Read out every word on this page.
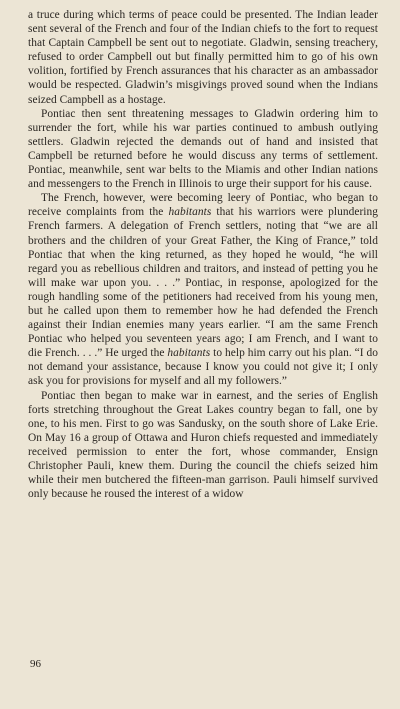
a truce during which terms of peace could be presented. The Indian leader sent several of the French and four of the Indian chiefs to the fort to request that Captain Campbell be sent out to negotiate. Gladwin, sensing treachery, refused to order Campbell out but finally permitted him to go of his own volition, fortified by French assurances that his character as an ambassador would be respected. Gladwin’s misgivings proved sound when the Indians seized Campbell as a hostage.

Pontiac then sent threatening messages to Gladwin ordering him to surrender the fort, while his war parties continued to ambush outlying settlers. Gladwin rejected the demands out of hand and insisted that Campbell be returned before he would discuss any terms of settlement. Pontiac, meanwhile, sent war belts to the Miamis and other Indian nations and messengers to the French in Illinois to urge their support for his cause.

The French, however, were becoming leery of Pontiac, who began to receive complaints from the habitants that his warriors were plundering French farmers. A delegation of French settlers, noting that “we are all brothers and the children of your Great Father, the King of France,” told Pontiac that when the king returned, as they hoped he would, “he will regard you as rebellious children and traitors, and instead of petting you he will make war upon you. . . .” Pontiac, in response, apologized for the rough handling some of the petitioners had received from his young men, but he called upon them to remember how he had defended the French against their Indian enemies many years earlier. “I am the same French Pontiac who helped you seventeen years ago; I am French, and I want to die French. . . .” He urged the habitants to help him carry out his plan. “I do not demand your assistance, because I know you could not give it; I only ask you for provisions for myself and all my followers.”

Pontiac then began to make war in earnest, and the series of English forts stretching throughout the Great Lakes country began to fall, one by one, to his men. First to go was Sandusky, on the south shore of Lake Erie. On May 16 a group of Ottawa and Huron chiefs requested and immediately received permission to enter the fort, whose commander, Ensign Christopher Pauli, knew them. During the council the chiefs seized him while their men butchered the fifteen-man garrison. Pauli himself survived only because he roused the interest of a widow

96
